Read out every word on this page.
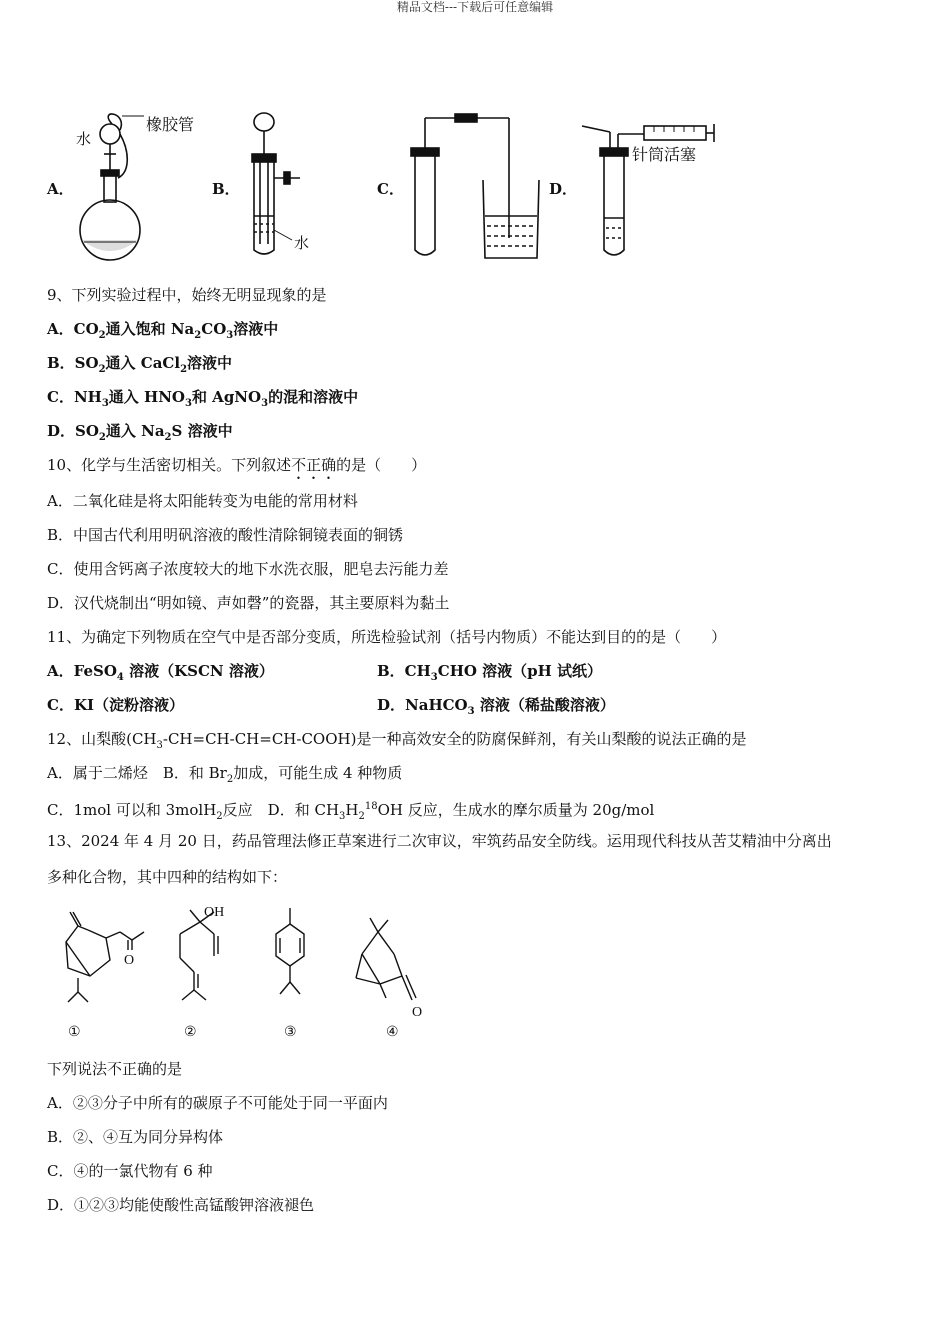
精品文档---下载后可任意编辑
A．
水
橡胶管
B．
水
C．	D．
针筒活塞
9、下列实验过程中，始终无明显现象的是
A．$CO_2$通入饱和 $Na_2CO_3$溶液中
B．$SO_2$通入 CaCl$_2$溶液中
C．$NH_3$通入 $HNO_3$和 AgNO$_3$的混和溶液中
D．$SO_2$通入 $Na_2S$ 溶液中
10、化学与生活密切相关。下列叙述不正确的是（　　）
A．二氧化硅是将太阳能转变为电能的常用材料
B．中国古代利用明矾溶液的酸性清除铜镜表面的铜锈
C．使用含钙离子浓度较大的地下水洗衣服，肥皂去污能力差
D．汉代烧制出“明如镜、声如磬”的瓷器，其主要原料为黏土
11、为确定下列物质在空气中是否部分变质，所选检验试剂（括号内物质）不能达到目的的是（　　）
A．FeSO$_4$ 溶液（KSCN 溶液）	B．$CH_3CHO$ 溶液（pH 试纸）
C．KI（淀粉溶液）	D．NaHCO$_3$ 溶液（稀盐酸溶液）
12、山梨酸$(CH_3-CH=CH-CH=CH-COOH)$是一种高效安全的防腐保鲜剂，有关山梨酸的说法正确的是
A．属于二烯烃　B．和 $Br_2$加成，可能生成 4 种物质
C．1mol 可以和 3molH$_2$反应　D．和 $CH_3H_2^{18}OH$ 反应，生成水的摩尔质量为 20g/mol
13、2024 年 4 月 20 日，药品管理法修正草案进行二次审议，牢筑药品安全防线。运用现代科技从苦艾精油中分离出
多种化合物，其中四种的结构如下：
OH
O
O
①	②	③	④
下列说法不正确的是
A．②③分子中所有的碳原子不可能处于同一平面内
B．②、④互为同分异构体
C．④的一氯代物有 6 种
D．①②③均能使酸性高锰酸钾溶液褪色
